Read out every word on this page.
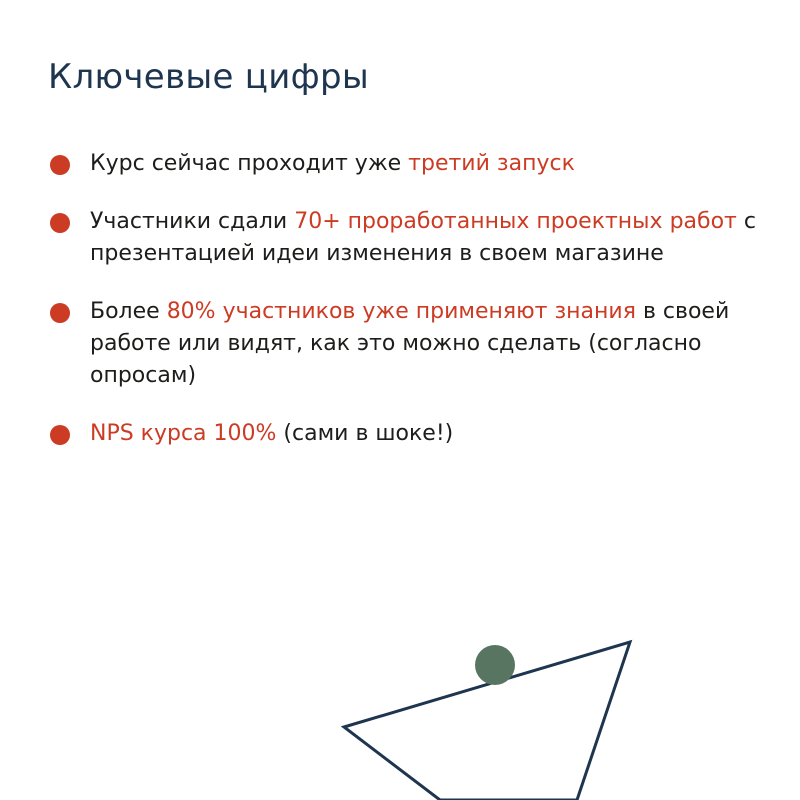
Ключевые цифры
Курс сейчас проходит уже третий запуск
Участники сдали 70+ проработанных проектных работ с презентацией идеи изменения в своем магазине
Более 80% участников уже применяют знания в своей работе или видят, как это можно сделать (согласно опросам)
NPS курса 100% (сами в шоке!)
